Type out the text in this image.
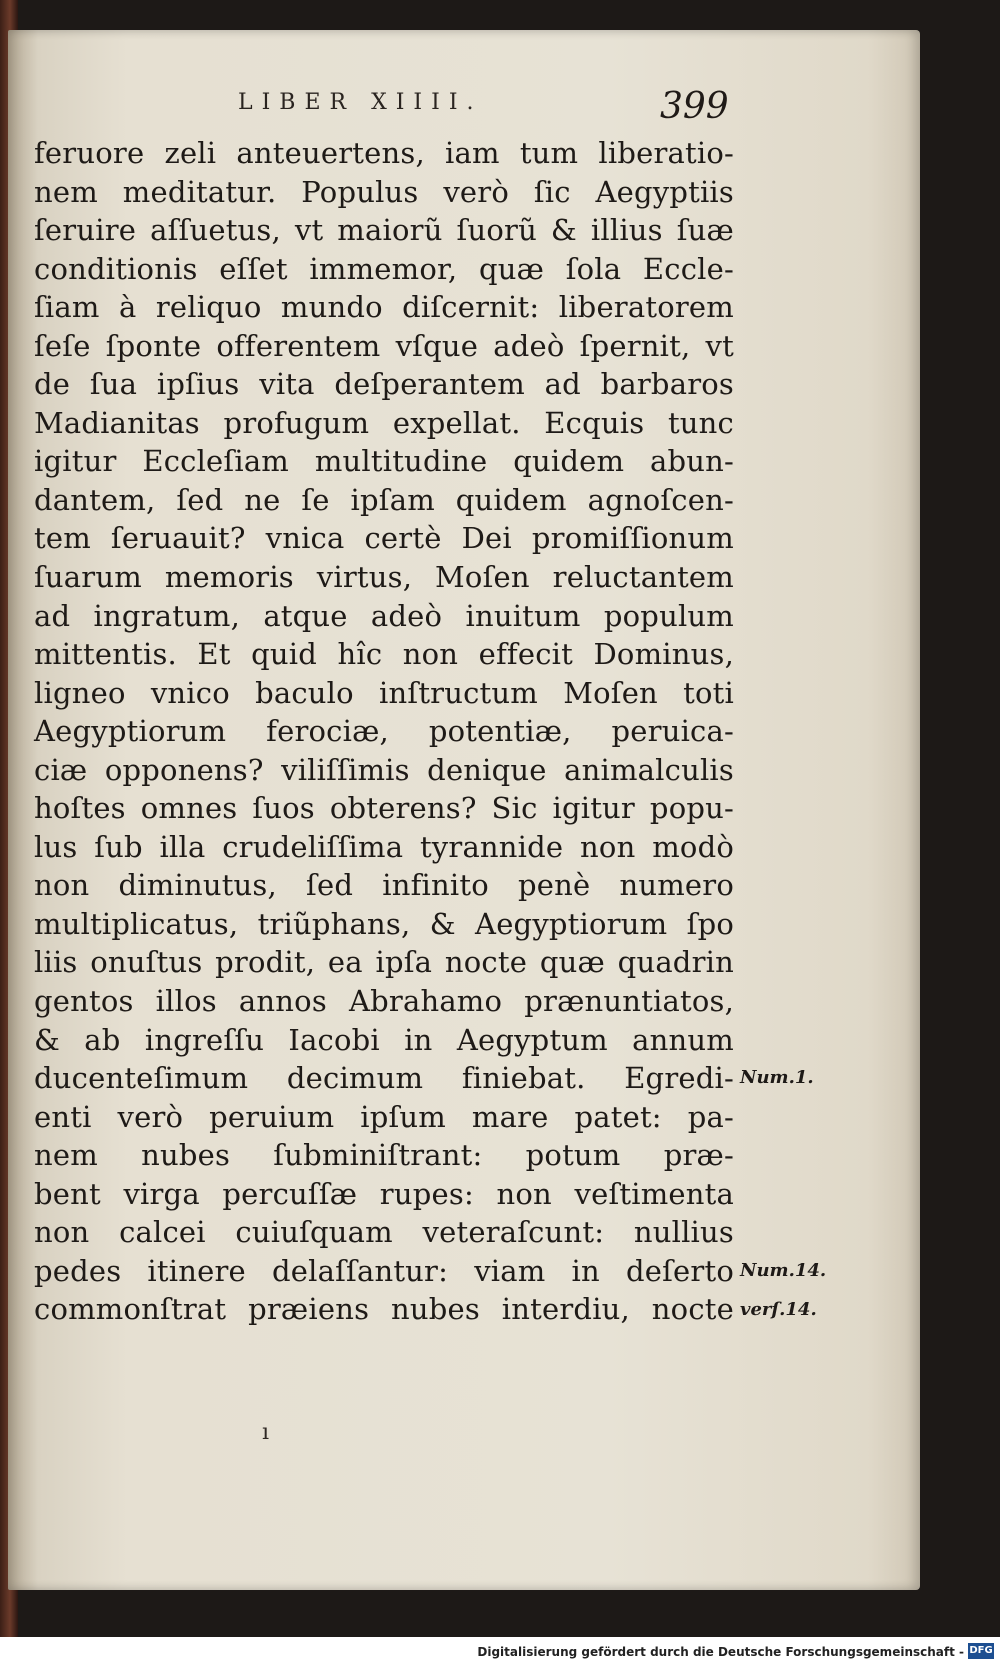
LIBER XIIII.	399
feruore zeli anteuertens, iam tum liberatio-
nem meditatur. Populus verò ſic Aegyptiis
ſeruire aſſuetus, vt maiorũ ſuorũ & illius ſuæ
conditionis eſſet immemor, quæ ſola Eccle-
ſiam à reliquo mundo diſcernit: liberatorem
ſeſe ſponte offerentem vſque adeò ſpernit, vt
de ſua ipſius vita deſperantem ad barbaros
Madianitas profugum expellat. Ecquis tunc
igitur Eccleſiam multitudine quidem abun-
dantem, ſed ne ſe ipſam quidem agnoſcen-
tem ſeruauit? vnica certè Dei promiſſionum
ſuarum memoris virtus, Moſen reluctantem
ad ingratum, atque adeò inuitum populum
mittentis. Et quid hîc non effecit Dominus,
ligneo vnico baculo inſtructum Moſen toti
Aegyptiorum ferociæ, potentiæ, peruica-
ciæ opponens? viliſſimis denique animalculis
hoſtes omnes ſuos obterens? Sic igitur popu-
lus ſub illa crudeliſſima tyrannide non modò
non diminutus, ſed infinito penè numero
multiplicatus, triũphans, & Aegyptiorum ſpo
liis onuſtus prodit, ea ipſa nocte quæ quadrin
gentos illos annos Abrahamo prænuntiatos,
& ab ingreſſu Iacobi in Aegyptum annum
ducenteſimum decimum finiebat. Egredi-
enti verò peruium ipſum mare patet: pa-
nem nubes ſubminiſtrant: potum præ-
bent virga percuſſæ rupes: non veſtimenta
non calcei cuiuſquam veteraſcunt: nullius
pedes itinere delaſſantur: viam in deſerto
commonſtrat præiens nubes interdiu, nocte
Num.1.
Num.14.
verſ.14.
ı
Digitalisierung gefördert durch die Deutsche Forschungsgemeinschaft - DFG
